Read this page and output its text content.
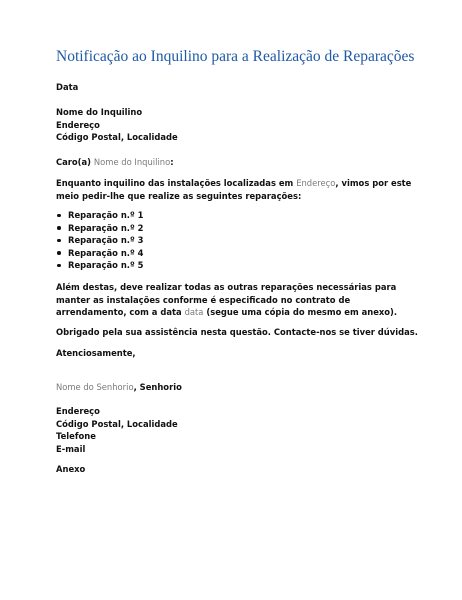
Notificação ao Inquilino para a Realização de Reparações
Data
Nome do Inquilino
Endereço
Código Postal, Localidade
Caro(a) Nome do Inquilino:
Enquanto inquilino das instalações localizadas em Endereço, vimos por este meio pedir-lhe que realize as seguintes reparações:
Reparação n.º 1
Reparação n.º 2
Reparação n.º 3
Reparação n.º 4
Reparação n.º 5
Além destas, deve realizar todas as outras reparações necessárias para manter as instalações conforme é especificado no contrato de arrendamento, com a data data (segue uma cópia do mesmo em anexo).
Obrigado pela sua assistência nesta questão. Contacte-nos se tiver dúvidas.
Atenciosamente,
Nome do Senhorio, Senhorio
Endereço
Código Postal, Localidade
Telefone
E-mail
Anexo
